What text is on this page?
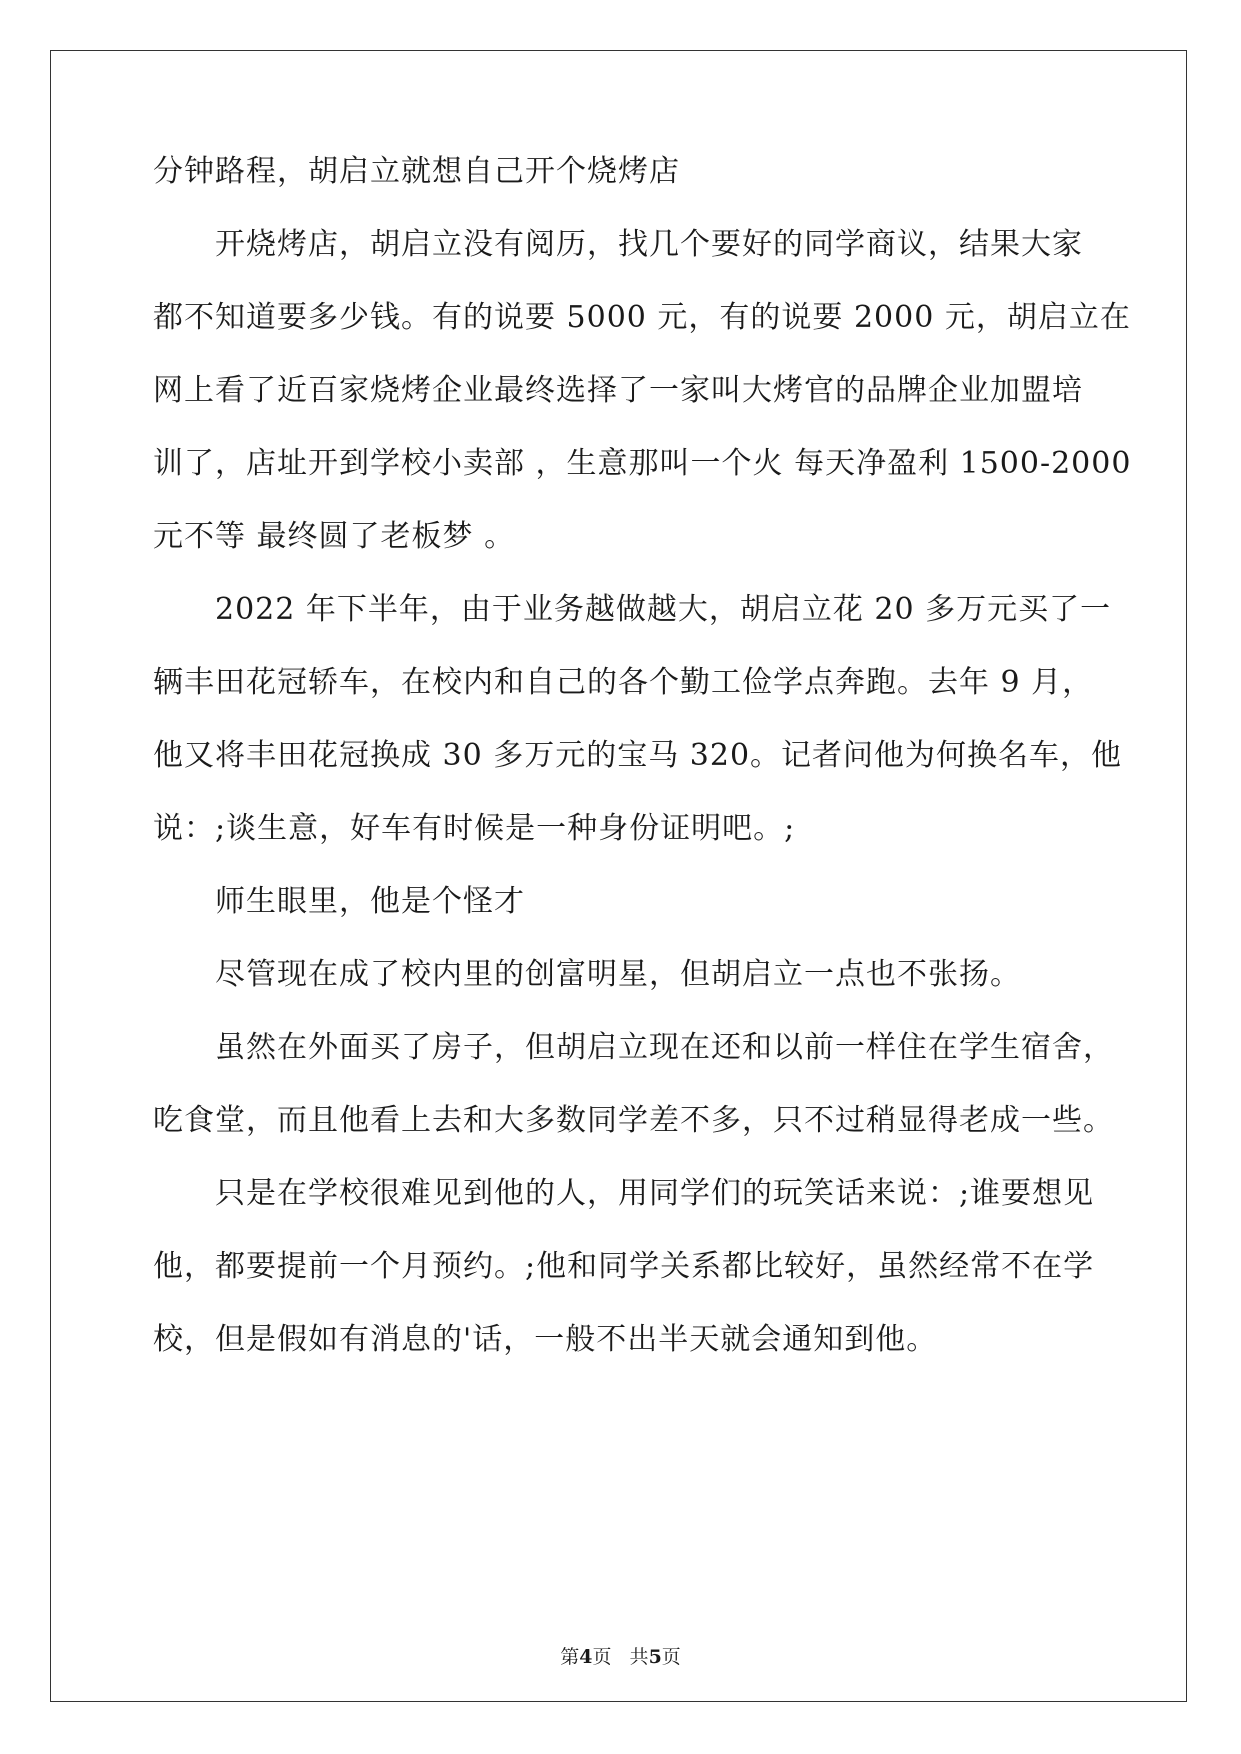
分钟路程，胡启立就想自己开个烧烤店
开烧烤店，胡启立没有阅历，找几个要好的同学商议，结果大家
都不知道要多少钱。有的说要 5000 元，有的说要 2000 元，胡启立在
网上看了近百家烧烤企业最终选择了一家叫大烤官的品牌企业加盟培
训了，店址开到学校小卖部 ，生意那叫一个火 每天净盈利 1500-2000
元不等 最终圆了老板梦 。
2022 年下半年，由于业务越做越大，胡启立花 20 多万元买了一
辆丰田花冠轿车，在校内和自己的各个勤工俭学点奔跑。去年 9 月，
他又将丰田花冠换成 30 多万元的宝马 320。记者问他为何换名车，他
说：;谈生意，好车有时候是一种身份证明吧。;
师生眼里，他是个怪才
尽管现在成了校内里的创富明星，但胡启立一点也不张扬。
虽然在外面买了房子，但胡启立现在还和以前一样住在学生宿舍，
吃食堂，而且他看上去和大多数同学差不多，只不过稍显得老成一些。
只是在学校很难见到他的人，用同学们的玩笑话来说：;谁要想见
他，都要提前一个月预约。;他和同学关系都比较好，虽然经常不在学
校，但是假如有消息的'话，一般不出半天就会通知到他。
第4页   共5页
